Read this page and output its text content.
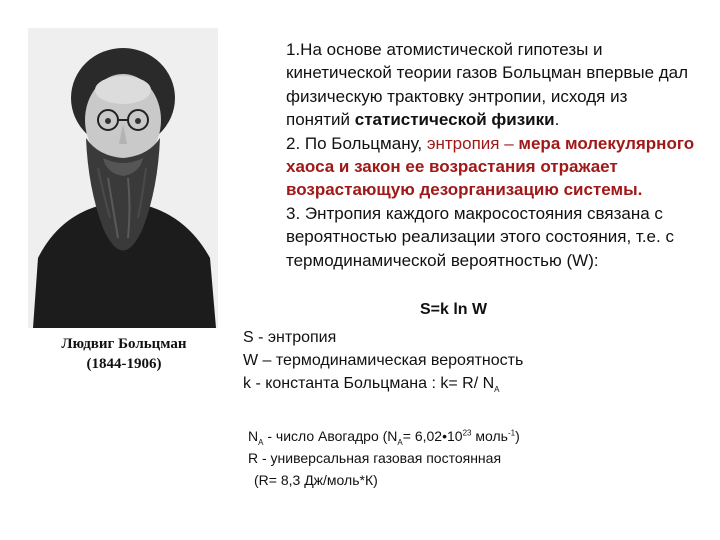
Людвиг Больцман
(1844-1906)

1.На основе атомистической гипотезы и кинетической теории газов Больцман впервые дал физическую трактовку энтропии, исходя из понятий статистической физики.

2. По Больцману, энтропия – мера молекулярного хаоса и закон ее возрастания отражает возрастающую дезорганизацию системы.

3. Энтропия каждого макросостояния связана с вероятностью реализации этого состояния, т.е. с термодинамической вероятностью (W):

S=k ln W
S - энтропия
W – термодинамическая вероятность
k - константа Больцмана : k= R/ $N_A$
$N_A$ - число Авогадро ($N_A=$ $6,02•10^{23}$ моль$^{-1}$)
R - универсальная газовая постоянная
(R= 8,3 Дж/моль*К)
